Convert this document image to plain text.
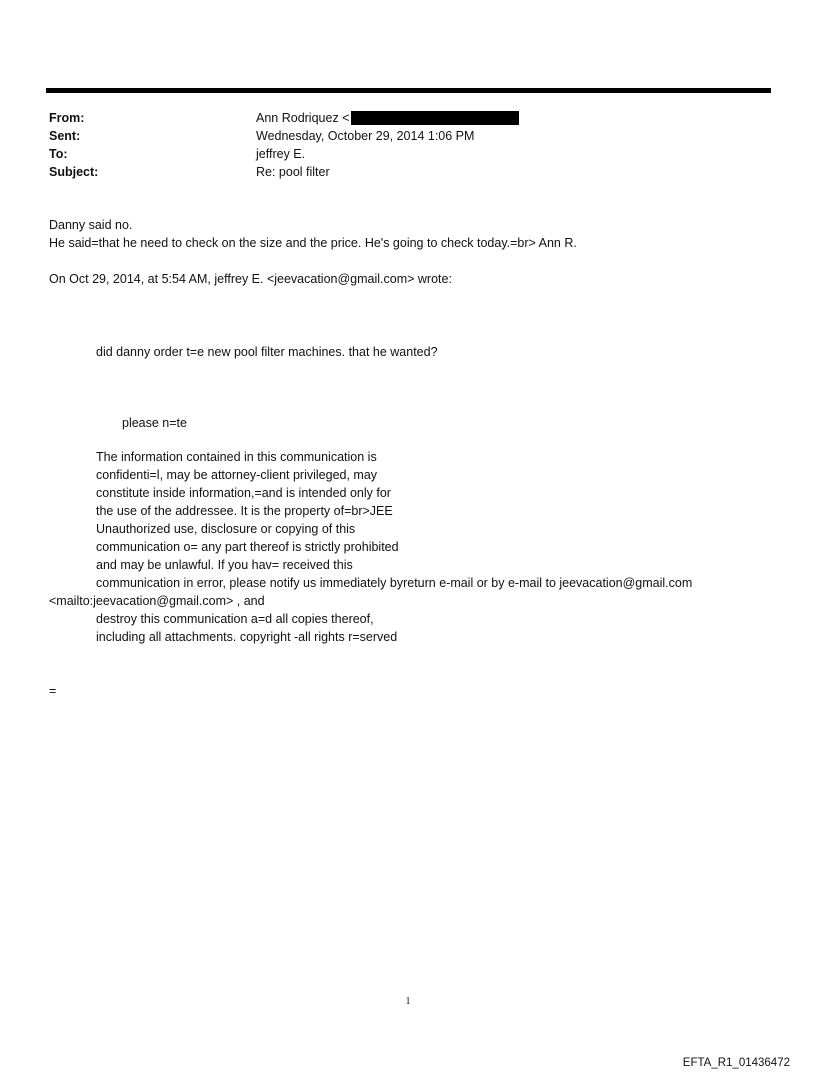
From:	Ann Rodriquez <
Sent:	Wednesday, October 29, 2014 1:06 PM
To:	jeffrey E.
Subject:	Re: pool filter
Danny said no.
He said=that he need to check on the size and the price. He's going to check today.=br> Ann R.
On Oct 29, 2014, at 5:54 AM, jeffrey E. <jeevacation@gmail.com> wrote:
did danny order t=e new pool filter machines. that he wanted?
please n=te
The information contained in this communication is
confidenti=l, may be attorney-client privileged, may
constitute inside information,=and is intended only for
the use of the addressee. It is the property of=br>JEE
Unauthorized use, disclosure or copying of this
communication o= any part thereof is strictly prohibited
and may be unlawful. If you hav= received this
communication in error, please notify us immediately byreturn e-mail or by e-mail to jeevacation@gmail.com
<mailto:jeevacation@gmail.com> , and
destroy this communication a=d all copies thereof,
including all attachments. copyright -all rights r=served
=
1
EFTA_R1_01436472
